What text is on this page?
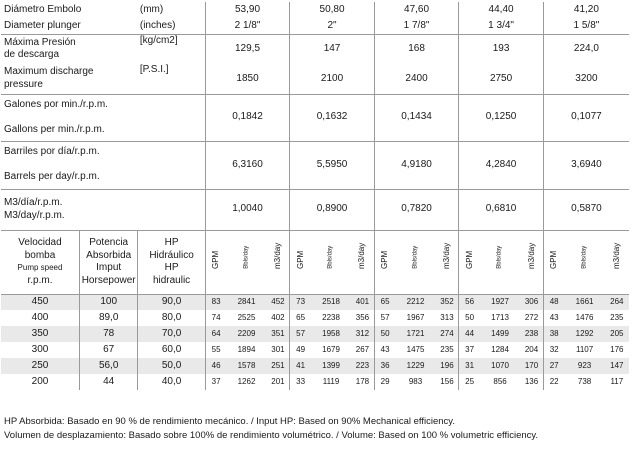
Diámetro Embolo		(mm)	53,90			50,80			47,60			44,40			41,20		
Diameter plunger		(inches)	2 1/8"			2"			1 7/8"			1 3/4"			1 5/8"		
Máxima Presión
de descarga		[kg/cm2]	129,5			147			168			193			224,0		
Maximum discharge
pressure		[P.S.I.]	1850			2100			2400			2750			3200		
Galones por min./r.p.m.

Gallons per min./r.p.m.			0,1842			0,1632			0,1434			0,1250			0,1077		
Barriles por día/r.p.m.

Barrels per day/r.p.m.			6,3160			5,5950			4,9180			4,2840			3,6940		
M3/día/r.p.m.
M3/day/r.p.m.			1,0040			0,8900			0,7820			0,6810			0,5870		
Velocidad
bomba
Pump speed
r.p.m.	Potencia
Absorbida
Imput
Horsepower	HP
Hidráulico
HP
hidraulic	GPM	Bbls/day	m3/day	GPM	Bbls/day	m3/day	GPM	Bbls/day	m3/day	GPM	Bbls/day	m3/day	GPM	Bbls/day	m3/day

450	100	90,0	83	2841	452	73	2518	401	65	2212	352	56	1927	306	48	1661	264
400	89,0	80,0	74	2525	402	65	2238	356	57	1967	313	50	1713	272	43	1476	235
350	78	70,0	64	2209	351	57	1958	312	50	1721	274	44	1499	238	38	1292	205
300	67	60,0	55	1894	301	49	1679	267	43	1475	235	37	1284	204	32	1107	176
250	56,0	50,0	46	1578	251	41	1399	223	36	1229	196	31	1070	170	27	923	147
200	44	40,0	37	1262	201	33	1119	178	29	983	156	25	856	136	22	738	117
HP Absorbida: Basado en 90 % de rendimiento mecánico. / Input HP: Based on 90% Mechanical efficiency.
Volumen de desplazamiento: Basado sobre 100% de rendimiento volumétrico. / Volume: Based on 100 % volumetric efficiency.
